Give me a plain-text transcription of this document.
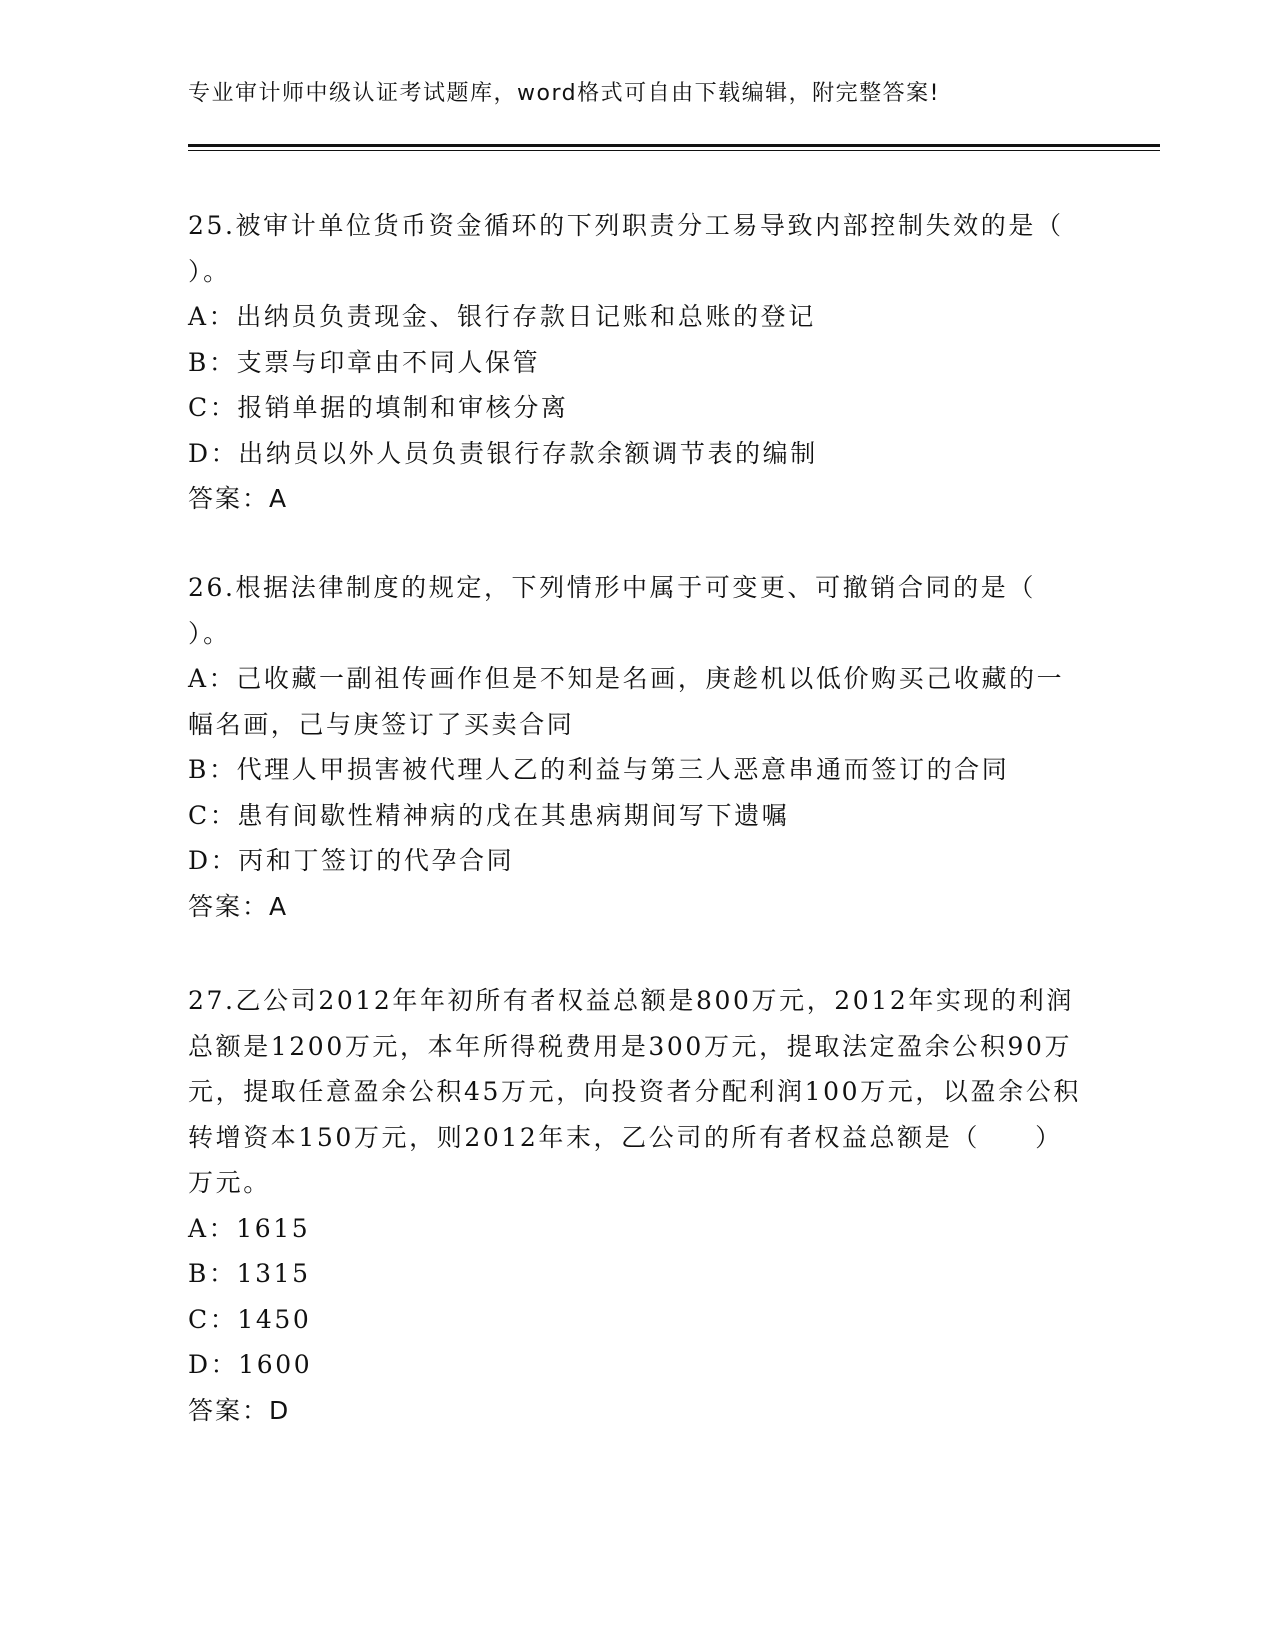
专业审计师中级认证考试题库，word格式可自由下载编辑，附完整答案!

25.被审计单位货币资金循环的下列职责分工易导致内部控制失效的是（　　）。

A：出纳员负责现金、银行存款日记账和总账的登记

B：支票与印章由不同人保管

C：报销单据的填制和审核分离

D：出纳员以外人员负责银行存款余额调节表的编制

答案：A

26.根据法律制度的规定，下列情形中属于可变更、可撤销合同的是（　　）。

A：己收藏一副祖传画作但是不知是名画，庚趁机以低价购买己收藏的一幅名画，己与庚签订了买卖合同

B：代理人甲损害被代理人乙的利益与第三人恶意串通而签订的合同

C：患有间歇性精神病的戊在其患病期间写下遗嘱

D：丙和丁签订的代孕合同

答案：A

27.乙公司2012年年初所有者权益总额是800万元，2012年实现的利润总额是1200万元，本年所得税费用是300万元，提取法定盈余公积90万元，提取任意盈余公积45万元，向投资者分配利润100万元，以盈余公积转增资本150万元，则2012年末，乙公司的所有者权益总额是（　　）万元。

A：1615

B：1315

C：1450

D：1600

答案：D
